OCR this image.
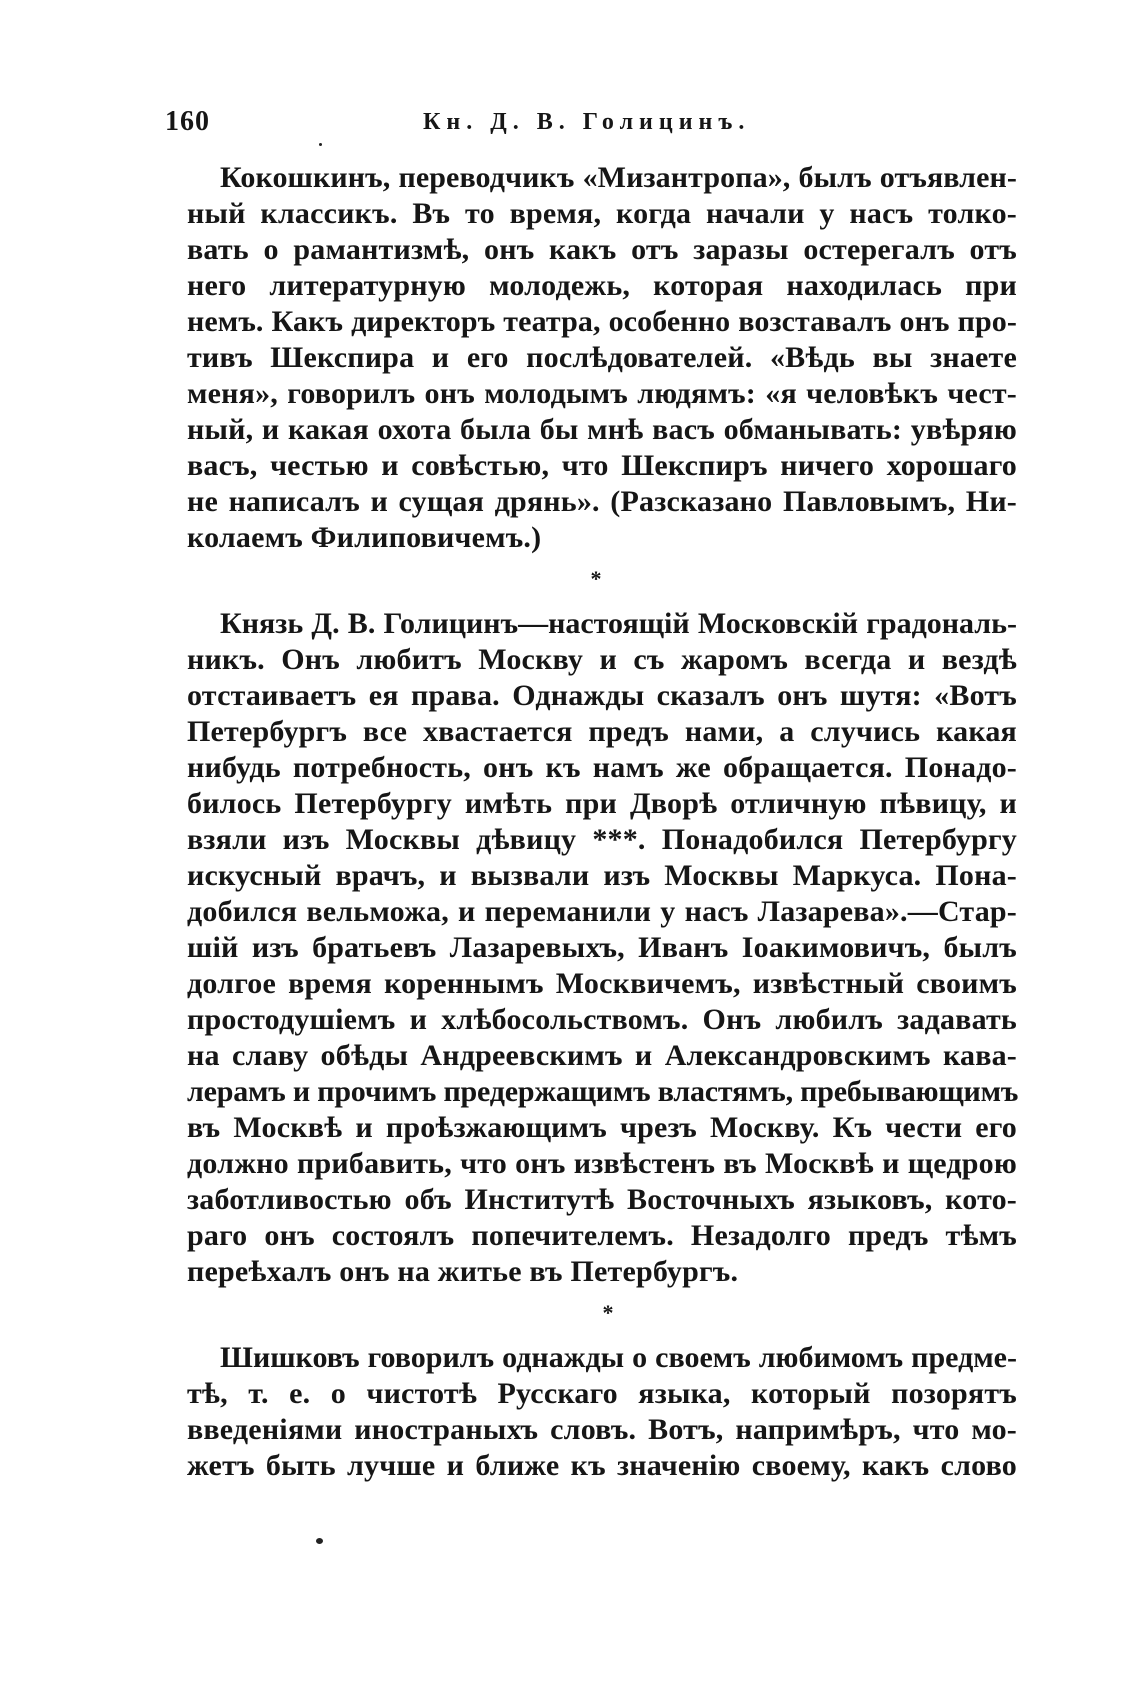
160	Кн. Д. В. Голицинъ.
Кокошкинъ, переводчикъ «Мизантропа», былъ отъявлен-
ный классикъ. Въ то время, когда начали у насъ толко-
вать о рамантизмѣ, онъ какъ отъ заразы остерегалъ отъ
него литературную молодежь, которая находилась при
немъ. Какъ директоръ театра, особенно возставалъ онъ про-
тивъ Шекспира и его послѣдователей. «Вѣдь вы знаете
меня», говорилъ онъ молодымъ людямъ: «я человѣкъ чест-
ный, и какая охота была бы мнѣ васъ обманывать: увѣряю
васъ, честью и совѣстью, что Шекспиръ ничего хорошаго
не написалъ и сущая дрянь». (Разсказано Павловымъ, Ни-
колаемъ Филиповичемъ.)
*
Князь Д. В. Голицинъ—настоящій Московскій градональ-
никъ. Онъ любитъ Москву и съ жаромъ всегда и вездѣ
отстаиваетъ ея права. Однажды сказалъ онъ шутя: «Вотъ
Петербургъ все хвастается предъ нами, а случись какая
нибудь потребность, онъ къ намъ же обращается. Понадо-
билось Петербургу имѣть при Дворѣ отличную пѣвицу, и
взяли изъ Москвы дѣвицу ***. Понадобился Петербургу
искусный врачъ, и вызвали изъ Москвы Маркуса. Пона-
добился вельможа, и переманили у насъ Лазарева».—Стар-
шій изъ братьевъ Лазаревыхъ, Иванъ Іоакимовичъ, былъ
долгое время кореннымъ Москвичемъ, извѣстный своимъ
простодушіемъ и хлѣбосольствомъ. Онъ любилъ задавать
на славу обѣды Андреевскимъ и Александровскимъ кава-
лерамъ и прочимъ предержащимъ властямъ, пребывающимъ
въ Москвѣ и проѣзжающимъ чрезъ Москву. Къ чести его
должно прибавить, что онъ извѣстенъ въ Москвѣ и щедрою
заботливостью объ Институтѣ Восточныхъ языковъ, кото-
раго онъ состоялъ попечителемъ. Незадолго предъ тѣмъ
переѣхалъ онъ на житье въ Петербургъ.
*
Шишковъ говорилъ однажды о своемъ любимомъ предме-
тѣ, т. е. о чистотѣ Русскаго языка, который позорятъ
введеніями иностраныхъ словъ. Вотъ, напримѣръ, что мо-
жетъ быть лучше и ближе къ значенію своему, какъ слово
